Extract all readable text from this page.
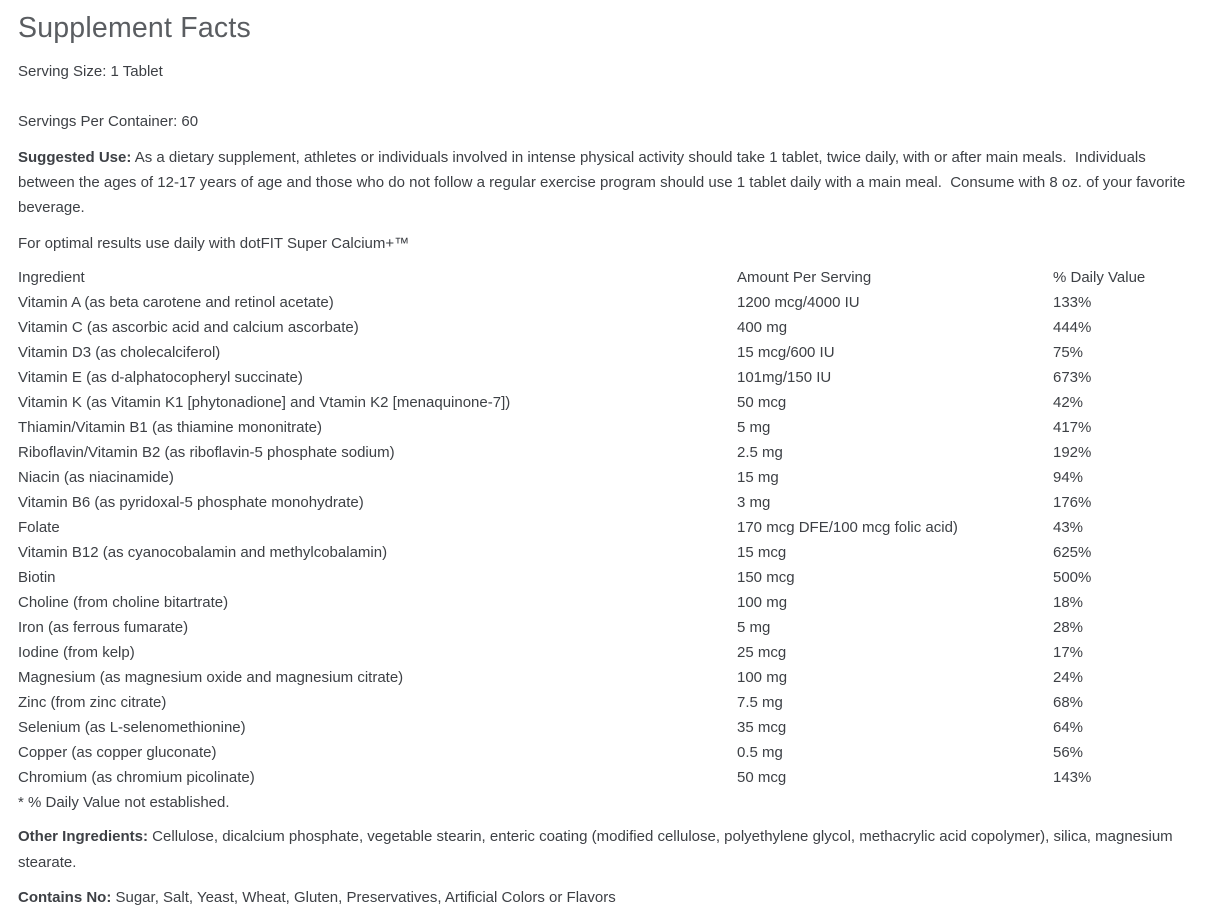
Supplement Facts
Serving Size: 1 Tablet
Servings Per Container: 60

Suggested Use: As a dietary supplement, athletes or individuals involved in intense physical activity should take 1 tablet, twice daily, with or after main meals.  Individuals between the ages of 12-17 years of age and those who do not follow a regular exercise program should use 1 tablet daily with a main meal.  Consume with 8 oz. of your favorite beverage.

For optimal results use daily with dotFIT Super Calcium+™
Ingredient	Amount Per Serving	% Daily Value
Vitamin A (as beta carotene and retinol acetate)	1200 mcg/4000 IU	133%
Vitamin C (as ascorbic acid and calcium ascorbate)	400 mg	444%
Vitamin D3 (as cholecalciferol)	15 mcg/600 IU	75%
Vitamin E (as d-alphatocopheryl succinate)	101mg/150 IU	673%
Vitamin K (as Vitamin K1 [phytonadione] and Vtamin K2 [menaquinone-7])	50 mcg	42%
Thiamin/Vitamin B1 (as thiamine mononitrate)	5 mg	417%
Riboflavin/Vitamin B2 (as riboflavin-5 phosphate sodium)	2.5 mg	192%
Niacin (as niacinamide)	15 mg	94%
Vitamin B6 (as pyridoxal-5 phosphate monohydrate)	3 mg	176%
Folate	170 mcg DFE/100 mcg folic acid)	43%
Vitamin B12 (as cyanocobalamin and methylcobalamin)	15 mcg	625%
Biotin	150 mcg	500%
Choline (from choline bitartrate)	100 mg	18%
Iron (as ferrous fumarate)	5 mg	28%
Iodine (from kelp)	25 mcg	17%
Magnesium (as magnesium oxide and magnesium citrate)	100 mg	24%
Zinc (from zinc citrate)	7.5 mg	68%
Selenium (as L-selenomethionine)	35 mcg	64%
Copper (as copper gluconate)	0.5 mg	56%
Chromium (as chromium picolinate)	50 mcg	143%
* % Daily Value not established.

Other Ingredients: Cellulose, dicalcium phosphate, vegetable stearin, enteric coating (modified cellulose, polyethylene glycol, methacrylic acid copolymer), silica, magnesium stearate.

Contains No: Sugar, Salt, Yeast, Wheat, Gluten, Preservatives, Artificial Colors or Flavors
